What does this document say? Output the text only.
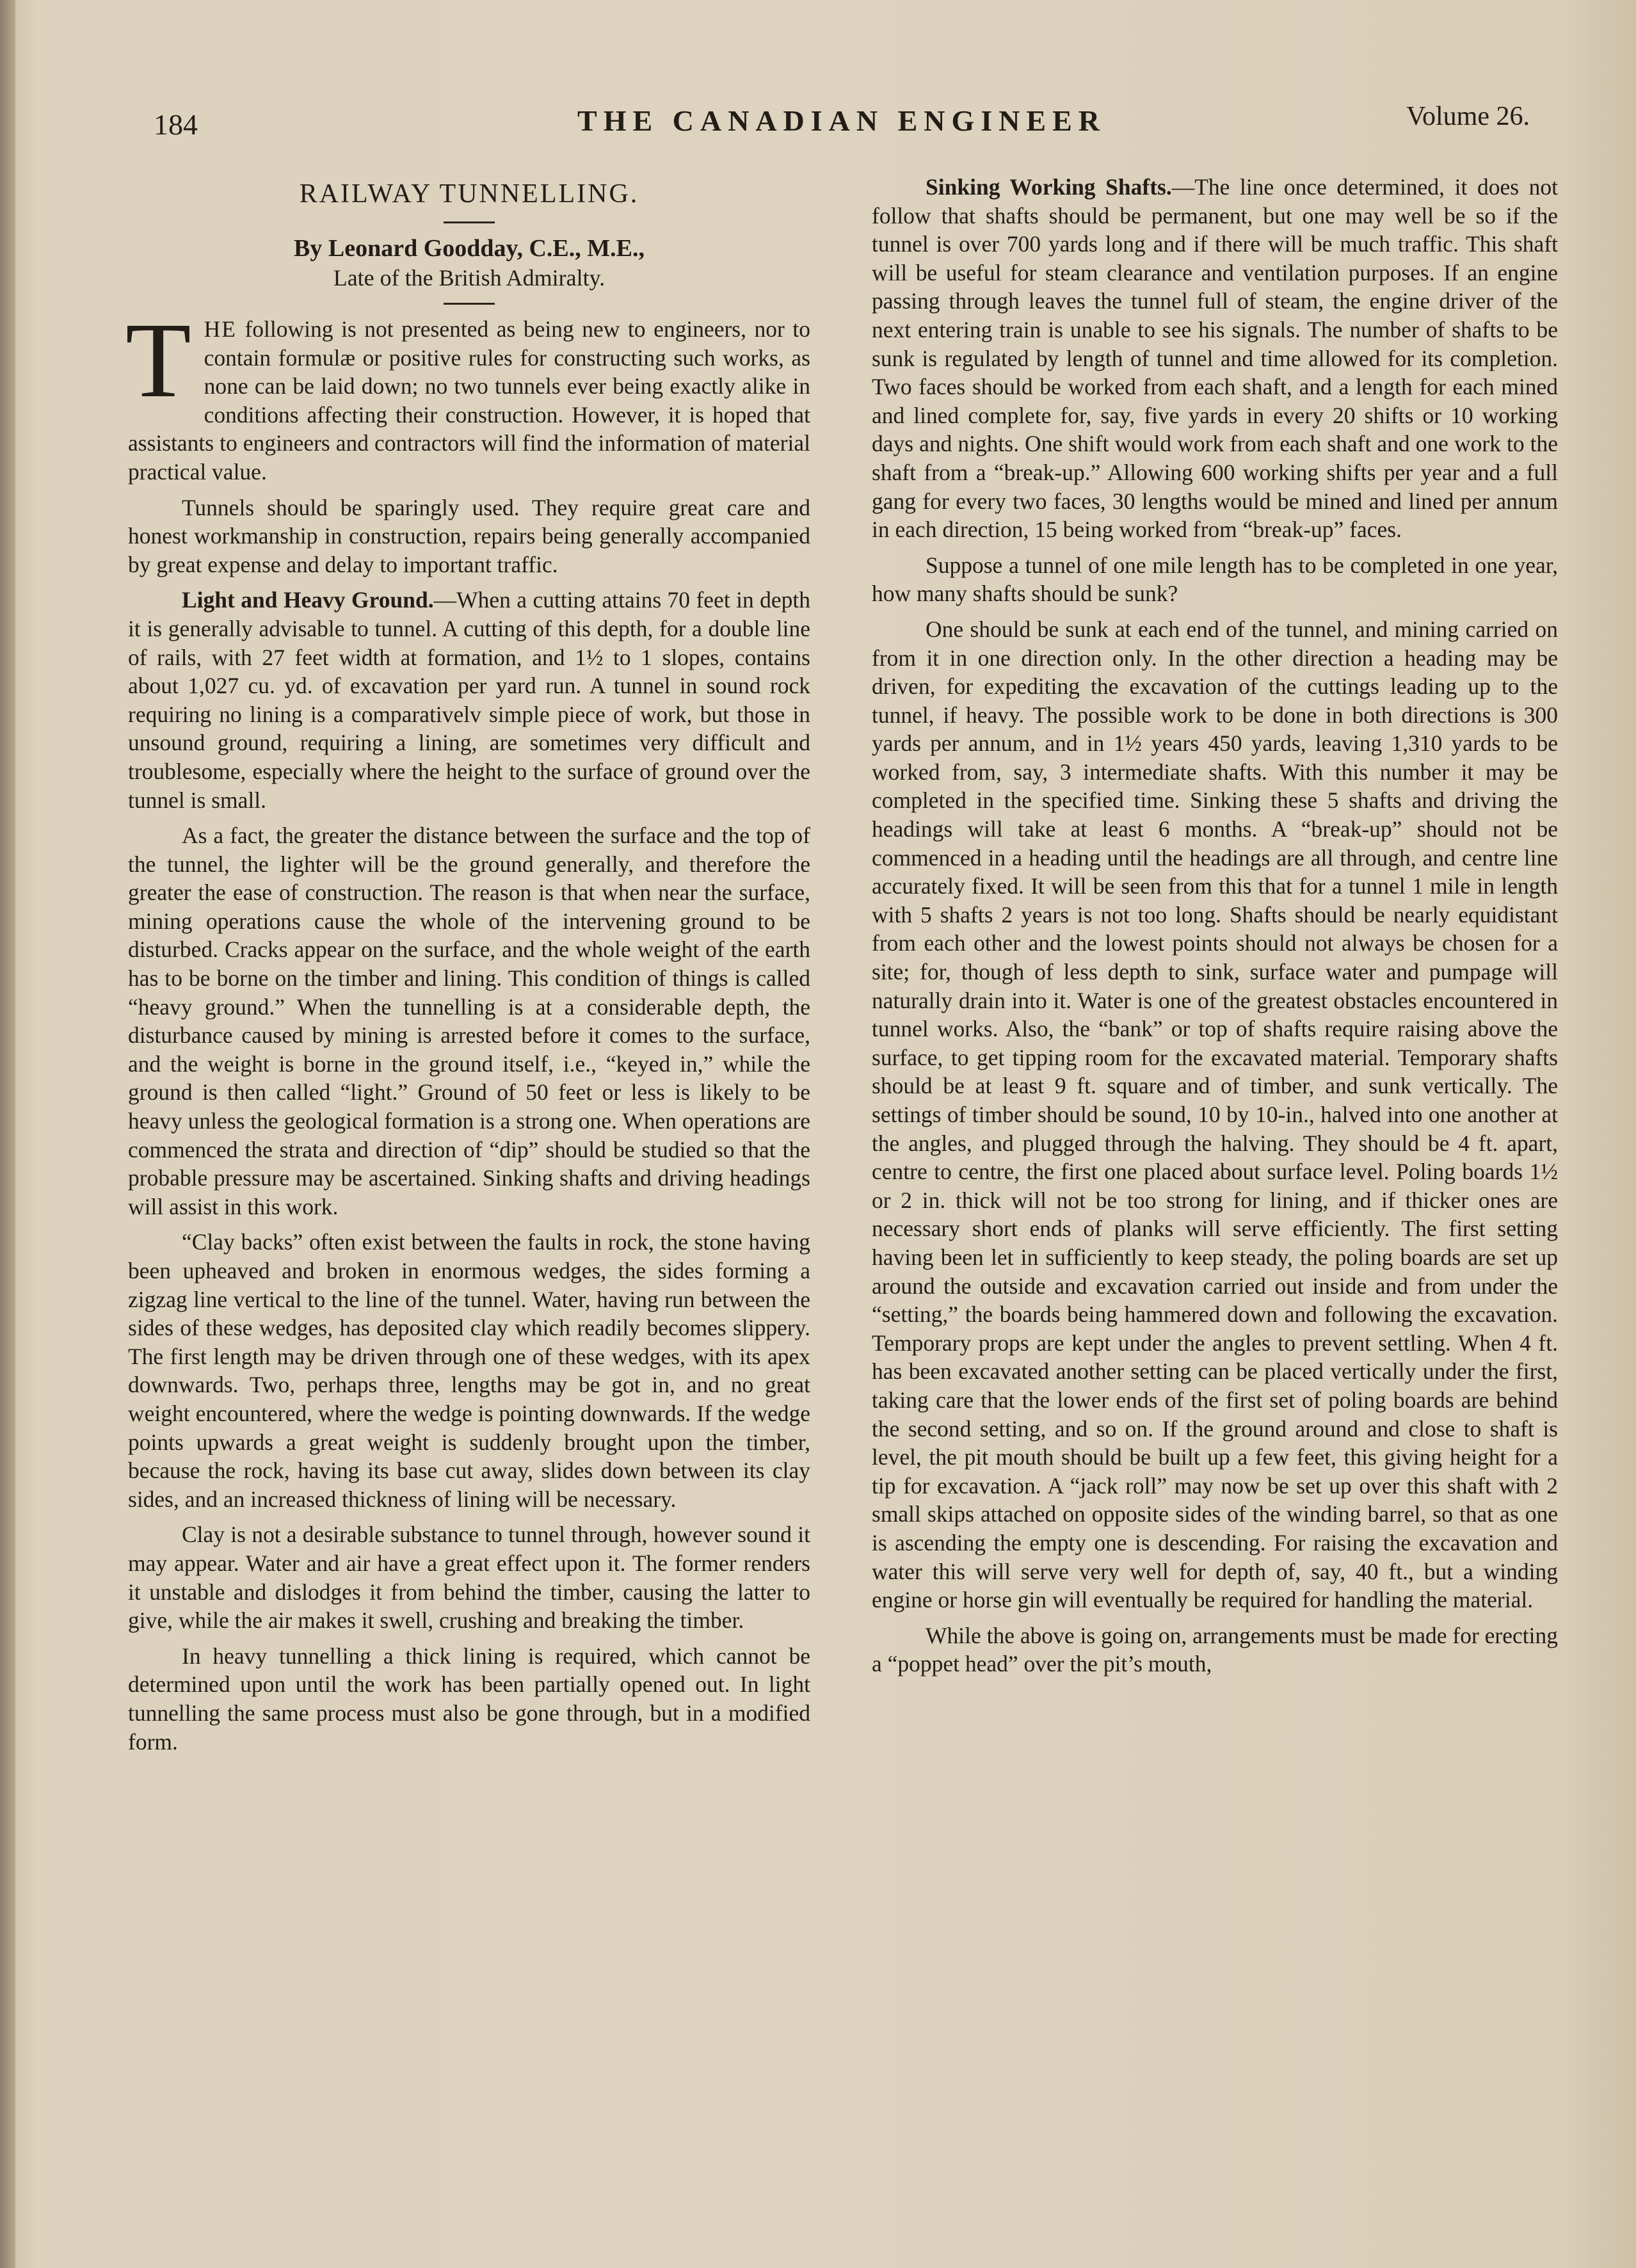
184	THE CANADIAN ENGINEER	Volume 26.
RAILWAY TUNNELLING.
By Leonard Goodday, C.E., M.E.,
Late of the British Admiralty.

THE following is not presented as being new to engineers, nor to contain formulæ or positive rules for constructing such works, as none can be laid down; no two tunnels ever being exactly alike in conditions affecting their construction. However, it is hoped that assistants to engineers and contractors will find the information of material practical value.

Tunnels should be sparingly used. They require great care and honest workmanship in construction, repairs being generally accompanied by great expense and delay to important traffic.

Light and Heavy Ground.—When a cutting attains 70 feet in depth it is generally advisable to tunnel. A cutting of this depth, for a double line of rails, with 27 feet width at formation, and 1½ to 1 slopes, contains about 1,027 cu. yd. of excavation per yard run. A tunnel in sound rock requiring no lining is a comparativelv simple piece of work, but those in unsound ground, requiring a lining, are sometimes very difficult and troublesome, especially where the height to the surface of ground over the tunnel is small.

As a fact, the greater the distance between the surface and the top of the tunnel, the lighter will be the ground generally, and therefore the greater the ease of construction. The reason is that when near the surface, mining operations cause the whole of the intervening ground to be disturbed. Cracks appear on the surface, and the whole weight of the earth has to be borne on the timber and lining. This condition of things is called “heavy ground.” When the tunnelling is at a considerable depth, the disturbance caused by mining is arrested before it comes to the surface, and the weight is borne in the ground itself, i.e., “keyed in,” while the ground is then called “light.” Ground of 50 feet or less is likely to be heavy unless the geological formation is a strong one. When operations are commenced the strata and direction of “dip” should be studied so that the probable pressure may be ascertained. Sinking shafts and driving headings will assist in this work.

“Clay backs” often exist between the faults in rock, the stone having been upheaved and broken in enormous wedges, the sides forming a zigzag line vertical to the line of the tunnel. Water, having run between the sides of these wedges, has deposited clay which readily becomes slippery. The first length may be driven through one of these wedges, with its apex downwards. Two, perhaps three, lengths may be got in, and no great weight encountered, where the wedge is pointing downwards. If the wedge points upwards a great weight is suddenly brought upon the timber, because the rock, having its base cut away, slides down between its clay sides, and an increased thickness of lining will be necessary.

Clay is not a desirable substance to tunnel through, however sound it may appear. Water and air have a great effect upon it. The former renders it unstable and dislodges it from behind the timber, causing the latter to give, while the air makes it swell, crushing and breaking the timber.

In heavy tunnelling a thick lining is required, which cannot be determined upon until the work has been partially opened out. In light tunnelling the same process must also be gone through, but in a modified form.

Sinking Working Shafts.—The line once determined, it does not follow that shafts should be permanent, but one may well be so if the tunnel is over 700 yards long and if there will be much traffic. This shaft will be useful for steam clearance and ventilation purposes. If an engine passing through leaves the tunnel full of steam, the engine driver of the next entering train is unable to see his signals. The number of shafts to be sunk is regulated by length of tunnel and time allowed for its completion. Two faces should be worked from each shaft, and a length for each mined and lined complete for, say, five yards in every 20 shifts or 10 working days and nights. One shift would work from each shaft and one work to the shaft from a “break-up.” Allowing 600 working shifts per year and a full gang for every two faces, 30 lengths would be mined and lined per annum in each direction, 15 being worked from “break-up” faces.

Suppose a tunnel of one mile length has to be completed in one year, how many shafts should be sunk?

One should be sunk at each end of the tunnel, and mining carried on from it in one direction only. In the other direction a heading may be driven, for expediting the excavation of the cuttings leading up to the tunnel, if heavy. The possible work to be done in both directions is 300 yards per annum, and in 1½ years 450 yards, leaving 1,310 yards to be worked from, say, 3 intermediate shafts. With this number it may be completed in the specified time. Sinking these 5 shafts and driving the headings will take at least 6 months. A “break-up” should not be commenced in a heading until the headings are all through, and centre line accurately fixed. It will be seen from this that for a tunnel 1 mile in length with 5 shafts 2 years is not too long. Shafts should be nearly equidistant from each other and the lowest points should not always be chosen for a site; for, though of less depth to sink, surface water and pumpage will naturally drain into it. Water is one of the greatest obstacles encountered in tunnel works. Also, the “bank” or top of shafts require raising above the surface, to get tipping room for the excavated material. Temporary shafts should be at least 9 ft. square and of timber, and sunk vertically. The settings of timber should be sound, 10 by 10-in., halved into one another at the angles, and plugged through the halving. They should be 4 ft. apart, centre to centre, the first one placed about surface level. Poling boards 1½ or 2 in. thick will not be too strong for lining, and if thicker ones are necessary short ends of planks will serve efficiently. The first setting having been let in sufficiently to keep steady, the poling boards are set up around the outside and excavation carried out inside and from under the “setting,” the boards being hammered down and following the excavation. Temporary props are kept under the angles to prevent settling. When 4 ft. has been excavated another setting can be placed vertically under the first, taking care that the lower ends of the first set of poling boards are behind the second setting, and so on. If the ground around and close to shaft is level, the pit mouth should be built up a few feet, this giving height for a tip for excavation. A “jack roll” may now be set up over this shaft with 2 small skips attached on opposite sides of the winding barrel, so that as one is ascending the empty one is descending. For raising the excavation and water this will serve very well for depth of, say, 40 ft., but a winding engine or horse gin will eventually be required for handling the material.

While the above is going on, arrangements must be made for erecting a “poppet head” over the pit’s mouth,
